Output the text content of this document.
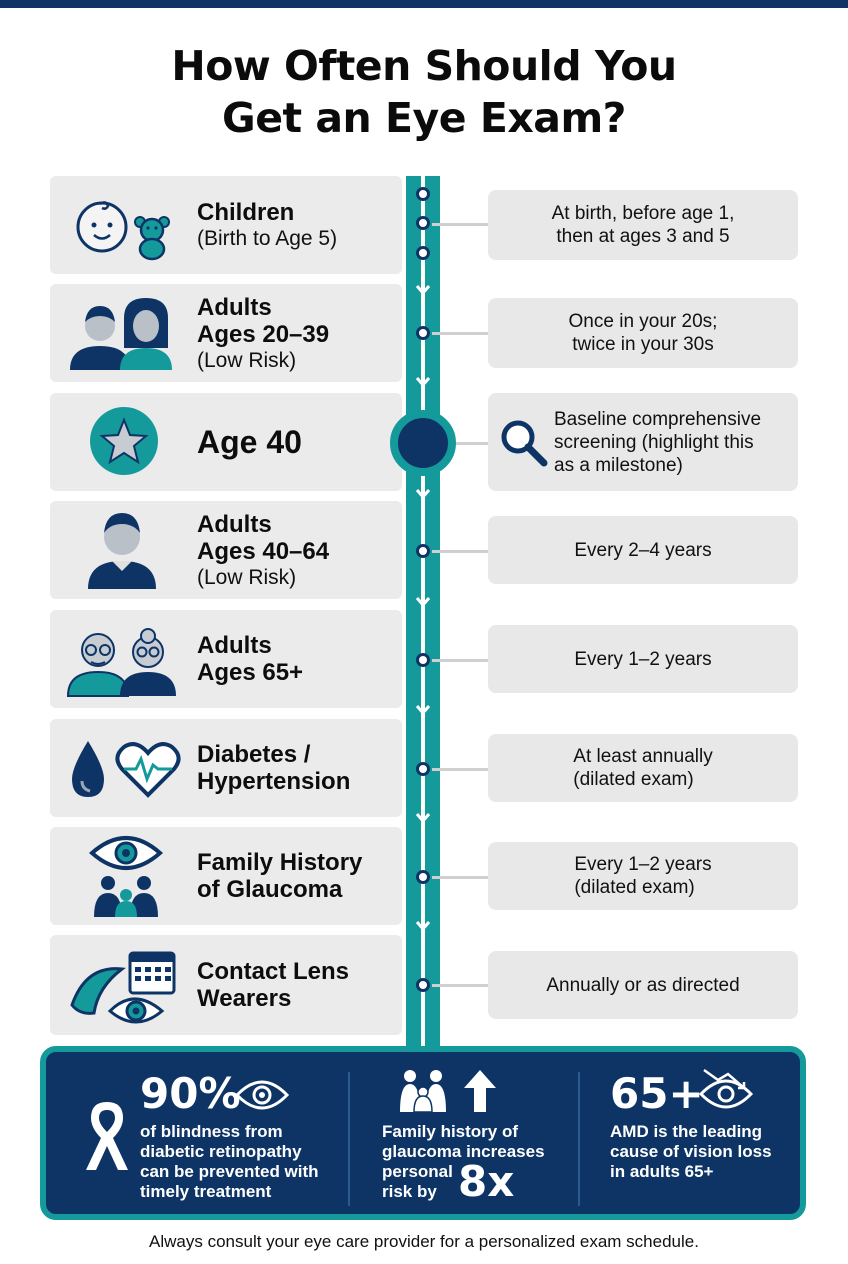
How Often Should You
Get an Eye Exam?
Children
(Birth to Age 5)
At birth, before age 1,
then at ages 3 and 5
Adults
Ages 20–39
(Low Risk)
Once in your 20s;
twice in your 30s
Age 40
Baseline comprehensive
screening (highlight this
as a milestone)
Adults
Ages 40–64
(Low Risk)
Every 2–4 years
Adults
Ages 65+	Every 1–2 years
Diabetes /
Hypertension
At least annually
(dilated exam)
Family History
of Glaucoma
Every 1–2 years
(dilated exam)
Contact Lens
Wearers	Annually or as directed
90%
of blindness from
diabetic retinopathy
can be prevented with
timely treatment
Family history of
glaucoma increases
personal
risk by 8x
65+
AMD is the leading
cause of vision loss
in adults 65+
Always consult your eye care provider for a personalized exam schedule.
